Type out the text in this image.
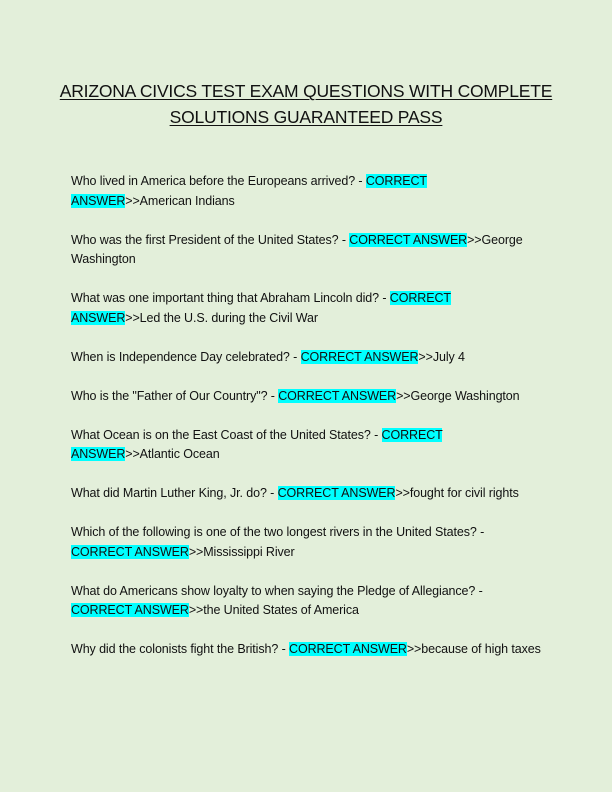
ARIZONA CIVICS TEST EXAM QUESTIONS WITH COMPLETE
SOLUTIONS GUARANTEED PASS
Who lived in America before the Europeans arrived? - CORRECT ANSWER>>American Indians
Who was the first President of the United States? - CORRECT ANSWER>>George Washington
What was one important thing that Abraham Lincoln did? - CORRECT ANSWER>>Led the U.S. during the Civil War
When is Independence Day celebrated? - CORRECT ANSWER>>July 4
Who is the "Father of Our Country"? - CORRECT ANSWER>>George Washington
What Ocean is on the East Coast of the United States? - CORRECT ANSWER>>Atlantic Ocean
What did Martin Luther King, Jr. do? - CORRECT ANSWER>>fought for civil rights
Which of the following is one of the two longest rivers in the United States? - CORRECT ANSWER>>Mississippi River
What do Americans show loyalty to when saying the Pledge of Allegiance? - CORRECT ANSWER>>the United States of America
Why did the colonists fight the British? - CORRECT ANSWER>>because of high taxes
